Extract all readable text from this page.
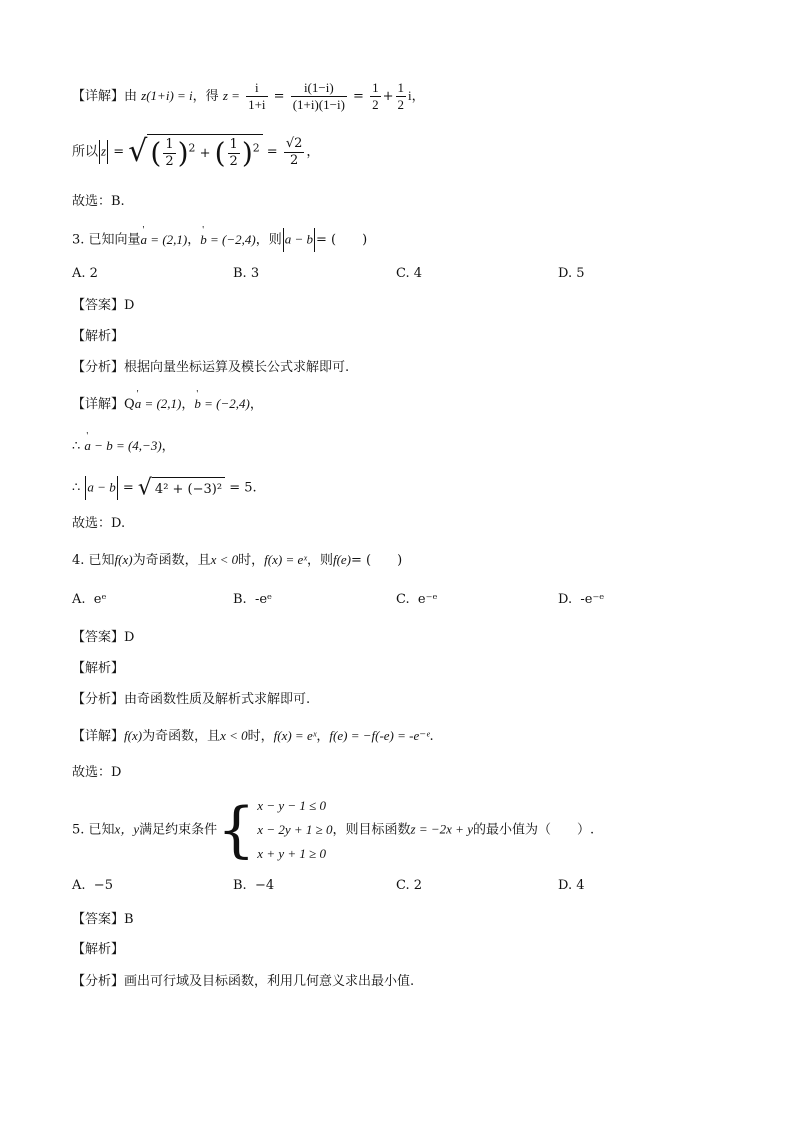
【详解】由 z(1+i) = i，得 $z = \frac{i}{1+i} = \frac{i(1-i)}{(1+i)(1-i)} = \frac{1}{2} + \frac{1}{2}$ i，
所以 z = √ ( $\frac{1}{2} )^2$ + ( $\frac{1}{2} )^2 = \frac{√2}{2}$ ，
故选：B.
3. 已知向量' a = (2,1)，' b = (−2,4)，则 a − b = (　　)
A. 2	B. 3	C. 4	D. 5
【答案】D
【解析】
【分析】根据向量坐标运算及模长公式求解即可.
【详解】Q' a = (2,1)，' b = (−2,4)，
∴ ' a − b = (4,−3)，
∴ a − b = √ 4² + (−3)² = 5.
故选：D.
4. 已知f(x)为奇函数，且x < 0时，f(x) = eˣ，则f(e)= (　　)
A. eᵉ	B. -eᵉ	C. e⁻ᵉ	D. -e⁻ᵉ
【答案】D
【解析】
【分析】由奇函数性质及解析式求解即可.
【详解】f(x)为奇函数，且x < 0时，f(x) = eˣ，f(e) = −f(-e) = -e⁻ᵉ.
故选：D
5. 已知x，y满足约束条件{ x − y − 1 ≤ 0
x − 2y + 1 ≥ 0
x + y + 1 ≥ 0
，则目标函数z = −2x + y的最小值为（　　）.
A. −5	B. −4	C. 2	D. 4
【答案】B
【解析】
【分析】画出可行域及目标函数，利用几何意义求出最小值.
